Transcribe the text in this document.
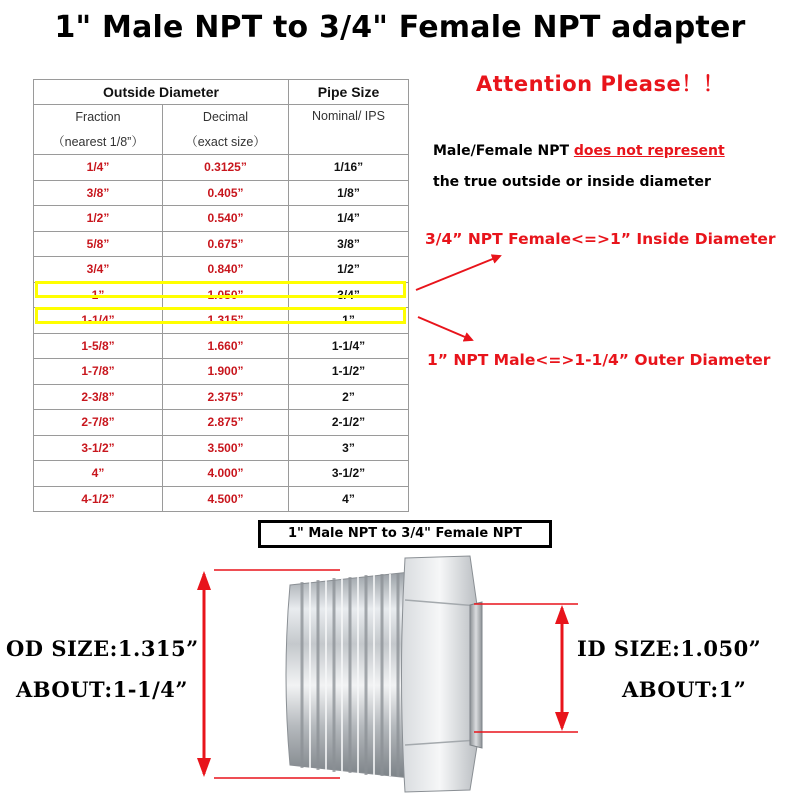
1" Male NPT to 3/4" Female NPT adapter
Outside Diameter		Pipe Size
Fraction	Decimal	Nominal/ IPS
（nearest 1/8”）	（exact size）	
1/4”	0.3125”	1/16”
3/8”	0.405”	1/8”
1/2”	0.540”	1/4”
5/8”	0.675”	3/8”
3/4”	0.840”	1/2”
1”	1.050”	3/4”
1-1/4”	1.315”	1”
1-5/8”	1.660”	1-1/4”
1-7/8”	1.900”	1-1/2”
2-3/8”	2.375”	2”
2-7/8”	2.875”	2-1/2”
3-1/2”	3.500”	3”
4”	4.000”	3-1/2”
4-1/2”	4.500”	4”
Attention Please！！
Male/Female NPT does not represent
the true outside or inside diameter
3/4” NPT Female<=>1” Inside Diameter
1” NPT Male<=>1-1/4” Outer Diameter
1" Male NPT to 3/4" Female NPT
OD SIZE:1.315”
ABOUT:1-1/4”
ID SIZE:1.050”
ABOUT:1”
